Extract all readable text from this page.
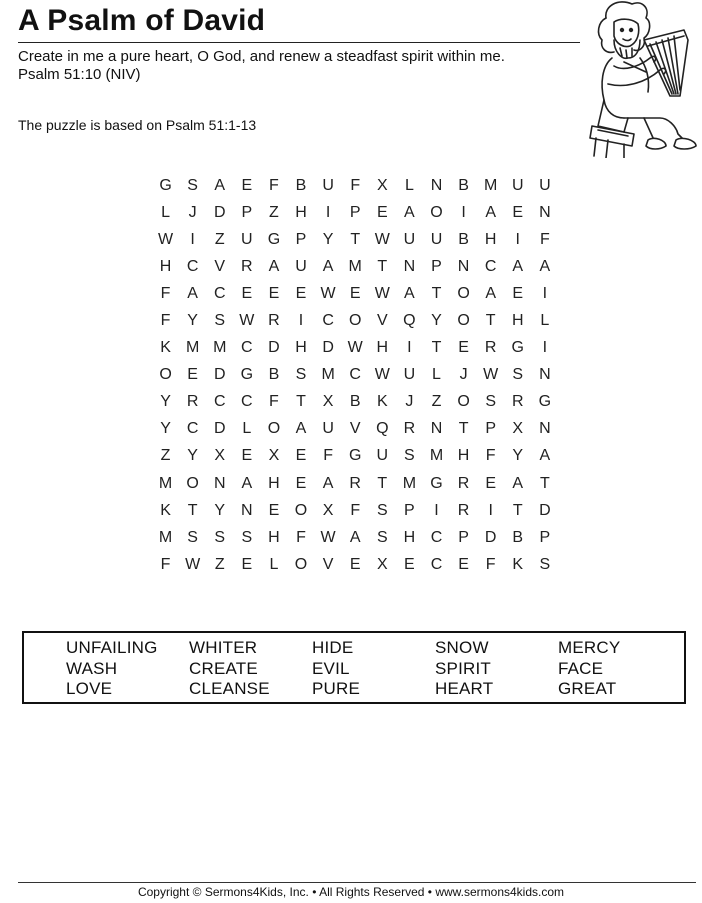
A Psalm of David
Create in me a pure heart, O God, and renew a steadfast spirit within me.
Psalm 51:10 (NIV)
The puzzle is based on Psalm 51:1-13
G S	A	E	F	B U	F	X	L	N B M U U
L	J	D P	Z	H	I	P	E	A O	I	A	E N
W	I	Z	U G P	Y	T W U U B H	I	F
H C V R A U A M T	N P N C A	A
F	A C E	E	E W E W A	T O A	E	I
F	Y	S W R	I	C O V Q Y O T	H	L
K M M C D H D W H	I	T	E R G	I
O E D G B	S M C W U	L	J W S N
Y R C C	F	T	X	B	K	J	Z O S R G
Y C D	L	O A U V Q R N	T	P	X N
Z	Y	X	E	X	E	F G U S M H	F	Y	A
M O N A H E	A R	T M G R E	A	T
K	T	Y N E O X	F	S	P	I	R	I	T	D
M S	S	S H	F W A	S H C P D B	P
F W Z	E	L	O V	E	X	E C E	F	K	S
UNFAILING	WHITER	HIDE	SNOW	MERCY
WASH	CREATE	EVIL	SPIRIT	FACE
LOVE	CLEANSE	PURE	HEART	GREAT
Copyright © Sermons4Kids, Inc. • All Rights Reserved • www.sermons4kids.com
